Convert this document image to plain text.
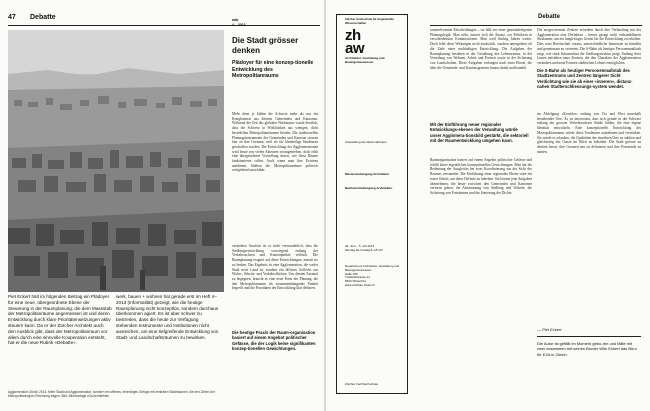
47 Debatte	mbr
4 – 2013
Piet Eckert hält im folgenden Beitrag ein Plädoyer für eine neue, übergeordnete Ebene der Steuerung in der Raumplanung, die dem Massstab der Metropolitanräume angemessen ist und deren Entwicklung durch klare Prioritätensetzungen aktiv steuern kann. Da er der Zürcher Architekt auch den Ausblick gibt, dass der Metropolitanraum vor allem durch eine sinnvolle Kooperation entsteht, hat er die neue Rubrik «Debatte».
werk, bauen + wohnen hat gerade erst im Heft 4–2013 (Informalität) gezeigt, wie die heutige Raumplanung nicht konzeptlos, sondern durchaus überkommen agiert. Es ist aber schwer zu bestreiten, dass die heute zur Verfügung stehenden Instrumente und Institutionen nicht ausreichen, um eine tiefgreifende Entwicklung von Stadt- und Landschaftsräumen zu bewirken.
Agglomeration Zürich 2013: Mehr Stadt und Agglomeration, sondern ein offenes, lebendiges Gefüge mit zentralen Stadträumen, die den Zielen der Metropolitanregion Rechnung tragen. Bild: Bildmontage e2a Architekten
Die Stadt grösser denken
Plädoyer für eine konzep-tionelle Entwicklung des Metropolitanraums
Mehr denn je bilden die Schweiz mehr als nur ein Konglomerat aus kleinen Gemeinden und Kantonen. Während der Zeit des globalen Wachstums wurde deutlich, dass die Schweiz in Wirklichkeit aus wenigen, dicht besiedelten Metropolitanräumen besteht. Die traditionellen Planungsinstrumente der Gemeinden und Kantone stossen hier an ihre Grenzen, weil sie für kleinteilige Strukturen geschaffen wurden. Die Entwicklung der Agglomerationen wird heute von vielen Akteuren vorangetrieben, doch fehlt eine übergeordnete Vorstellung davon, wie diese Räume funktionieren sollen. Auch wenn man ihre Existenz anerkennt, bleiben die Metropolitanräume politisch weitgehend unsichtbar.
Die heutige Praxis der Raum-organisation basiert auf einem Angebot politischer Gefässe, die der Logik keine signifikanten konzep-tionellen Gewichtungen.
verändern. Insofern ist es nicht verwunderlich, dass die Siedlungsentwicklung vorwiegend entlang der Verkehrsachsen und Knotenpunkte verläuft. Die Raumplanung reagiert auf diese Entwicklungen, anstatt sie zu lenken. Das Ergebnis ist eine Agglomeration, die weder Stadt noch Land ist, sondern ein diffuses Geflecht aus Wohn-, Arbeits- und Verkehrsflächen. Um diesem Zustand zu begegnen, braucht es eine neue Form der Planung, die den Metropolitanraum als zusammenhängende Einheit begreift und die Prioritäten der Entwicklung klar definiert.
Zürcher Hochschule für Angewandte Wissenschaften
zh
aw
Architektur, Gestaltung und Bauingenieurwesen
Ausstellung der Diplomarbeiten
Masterstudiengang Architektur
Bachelorstudiengang Architektur
24. Juni – 5. Juli 2013
Montag bis Freitag 8–18 Uhr
Departement Architektur, Gestaltung und Bauingenieurwesen
Halle 180
Tössfeldstrasse 11
8400 Winterthur
www.archbau.zhaw.ch
Zürcher Fachhochschule
raumrelevanten Entscheidungen – sie fällt vor einer gemeindeeigenen Planungslogik. Man sieht, äussert sich der Ansatz, vor Politikern in verschiedensten Kommissionen. Man wird fünfzig Jahren weiter. Doch fehlt diese Wirkungen nicht zusätzlich, sondern untergraben oft die Ziele einer nachhaltigen Entwicklung. Die Aufgaben der Raumplanung bestehen in der Gestaltung des Lebensraums, in der Verteilung von Wohnen, Arbeit und Freizeit sowie in der Sicherung von Landschaften. Diese Aufgaben verlangen nach einer Ebene, die über die Gemeinde- und Kantonsgrenzen hinaus denkt und handelt.
Mit der Einführung neuer regionaler Entwicklungs-ebenen der Verwaltung würde unser Agglomera-tionsbild gestärkt, die sektoriell mit der Raumentwicklung umgehen kann.
Raumorganisation basiert auf einem Angebot politischer Gefässe und erfüllt keine eigentlichen konzeptionellen Gewichtungen. Man hat die Bedeutung der Ausgleichs bei zwei Koordinierung aus der Sicht des Raumes verstanden. Die Einführung einer regionalen Ebene wäre ein erster Schritt, um diese Defizite zu beheben. Sie könnte jene Aufgaben übernehmen, die heute zwischen den Gemeinden und Kantonen verloren gehen: die Abstimmung von Siedlung und Verkehr, die Sicherung von Freiräumen und die Steuerung der Dichte.
Debatte
Die ausgewiesenen Zentren erfordern durch ihre Verbindung mit der Agglomeration eine Definition – besser gesagt nicht verhandelbaren Strukturen, um ein langfristiges Gerüst für die Entwicklung zu erhalten. Dies setzt Bereitschaft voraus, unterschiedliche Interessen zu bündeln und gemeinsam zu vertreten. Die S-Bahn als heutiger Personenmaßstab zeigt, wie stark Infrastruktur die Siedlungsstruktur prägt. Entlang ihrer Linien entstehen neue Zentren, die den Charakter der Agglomeration verändern und neue Formen städtischen Lebens ermöglichen.
Die S-Bahn als heutiger Personenmaßstab des Stadtzentrums und Zentren längerer Sicht Verdichtung wie sie ab einer «inneren», distanz-nahen Stadterschliessungs-system wendet.
im Abfolgung «Korridor» entlang von Ost und West innerhalb bestehender Orte. Es ist interessant, dass sich gerade in der Schweiz entlang der grossen Verkehrsachsen Städte bilden, die eine eigene Identität entwickeln. Eine konzeptionelle Entwicklung des Metropolitanraums würde diese Tendenzen aufnehmen und verstärken. Sie würde es erlauben, die Qualitäten der einzelnen Orte zu stärken und gleichzeitig das Ganze im Blick zu behalten. Die Stadt grösser zu denken heisst, ihre Grenzen neu zu definieren und ihre Potenziale zu nutzen.
— Piet Eckert
Die Autor ist gefällt im Moment gebo-ren und fällte mit zwei zusammen mit seinen Bruder Wim Eckert das Büro für E2A in Zürich.
